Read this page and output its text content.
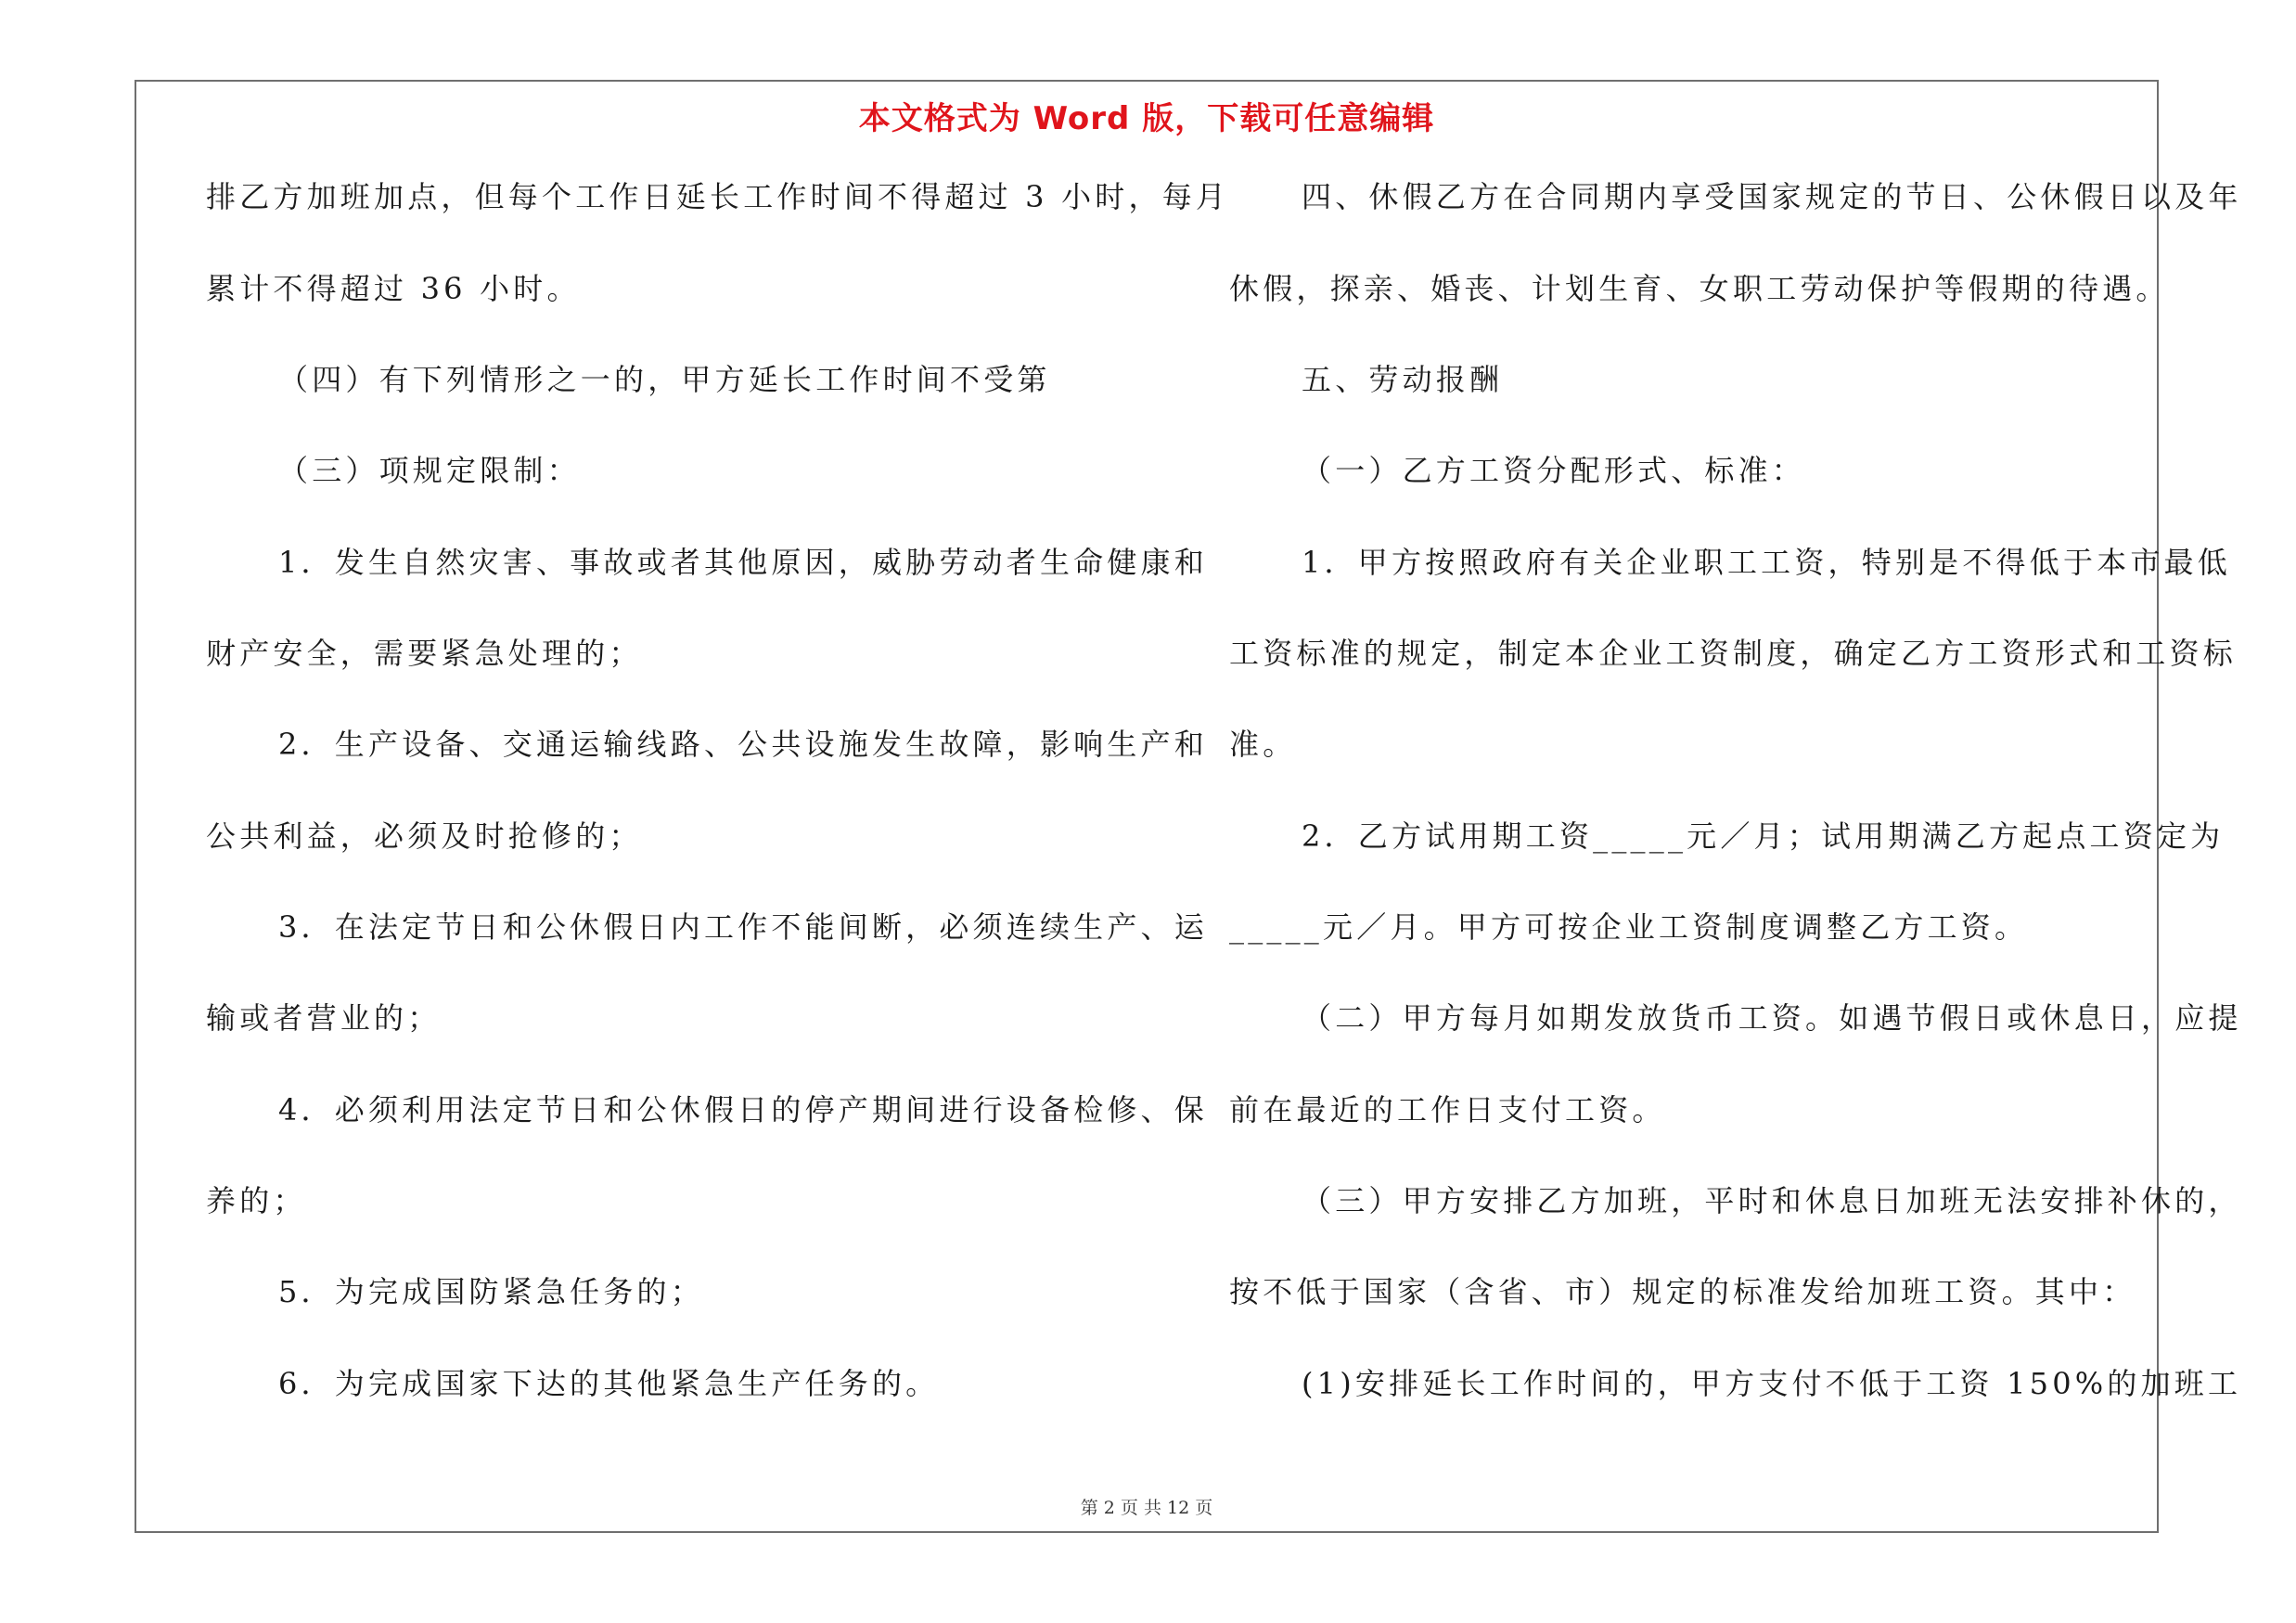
本文格式为 Word 版，下载可任意编辑
排乙方加班加点，但每个工作日延长工作时间不得超过 3 小时，每月
累计不得超过 36 小时。
（四）有下列情形之一的，甲方延长工作时间不受第
（三）项规定限制：
1．发生自然灾害、事故或者其他原因，威胁劳动者生命健康和
财产安全，需要紧急处理的；
2．生产设备、交通运输线路、公共设施发生故障，影响生产和
公共利益，必须及时抢修的；
3．在法定节日和公休假日内工作不能间断，必须连续生产、运
输或者营业的；
4．必须利用法定节日和公休假日的停产期间进行设备检修、保
养的；
5．为完成国防紧急任务的；
6．为完成国家下达的其他紧急生产任务的。
四、休假乙方在合同期内享受国家规定的节日、公休假日以及年
休假，探亲、婚丧、计划生育、女职工劳动保护等假期的待遇。
五、劳动报酬
（一）乙方工资分配形式、标准：
1．甲方按照政府有关企业职工工资，特别是不得低于本市最低
工资标准的规定，制定本企业工资制度，确定乙方工资形式和工资标
准。
2．乙方试用期工资_____元／月；试用期满乙方起点工资定为
_____元／月。甲方可按企业工资制度调整乙方工资。
（二）甲方每月如期发放货币工资。如遇节假日或休息日，应提
前在最近的工作日支付工资。
（三）甲方安排乙方加班，平时和休息日加班无法安排补休的，
按不低于国家（含省、市）规定的标准发给加班工资。其中：
(1)安排延长工作时间的，甲方支付不低于工资 150%的加班工
第 2 页 共 12 页
